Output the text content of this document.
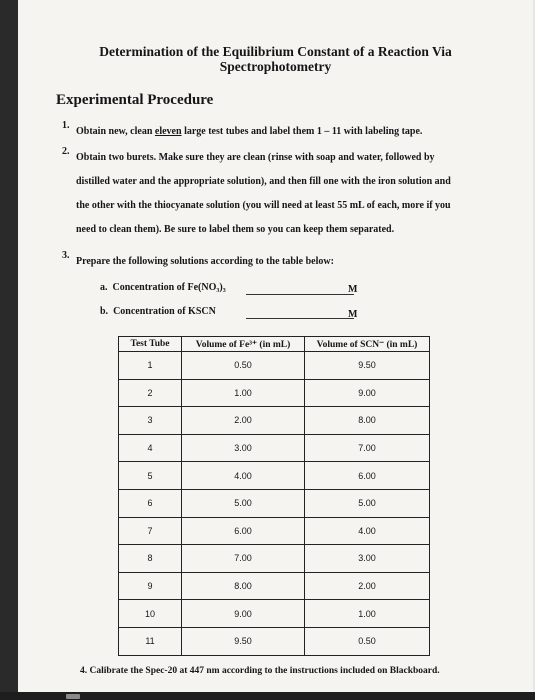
Determination of the Equilibrium Constant of a Reaction Via
Spectrophotometry
Experimental Procedure
1.
Obtain new, clean eleven large test tubes and label them 1 – 11 with labeling tape.
2.
Obtain two burets. Make sure they are clean (rinse with soap and water, followed by
distilled water and the appropriate solution), and then fill one with the iron solution and
the other with the thiocyanate solution (you will need at least 55 mL of each, more if you
need to clean them). Be sure to label them so you can keep them separated.
3.
Prepare the following solutions according to the table below:
a. Concentration of Fe(NO₃)₃	M
b. Concentration of KSCN	M
Test Tube	Volume of Fe³⁺ (in mL)	Volume of SCN⁻ (in mL)
1	0.50	9.50
2	1.00	9.00
3	2.00	8.00
4	3.00	7.00
5	4.00	6.00
6	5.00	5.00
7	6.00	4.00
8	7.00	3.00
9	8.00	2.00
10	9.00	1.00
11	9.50	0.50
4. Calibrate the Spec-20 at 447 nm according to the instructions included on Blackboard.
